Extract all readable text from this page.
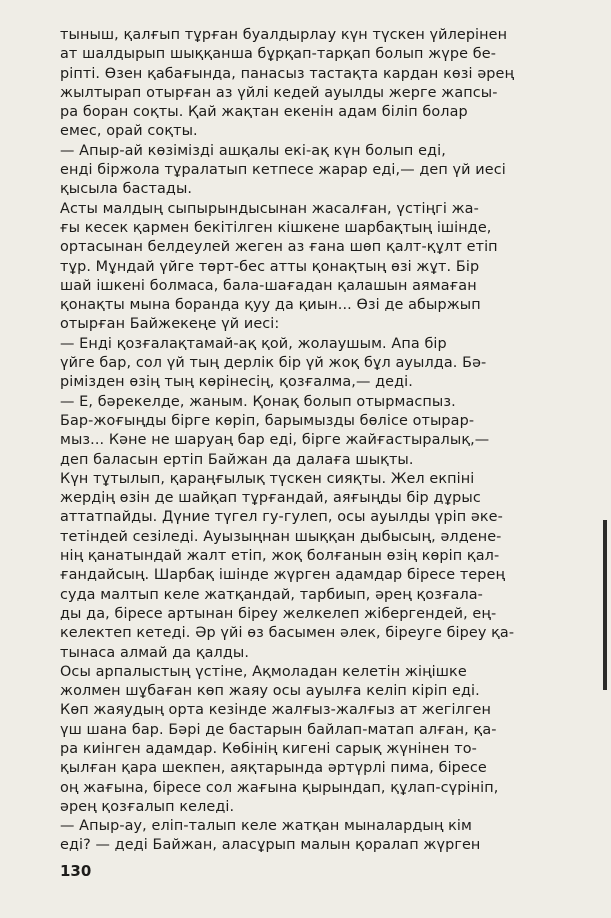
тыныш, қалғып тұрған буалдырлау күн түскен үйлерінен
ат шалдырып шыққанша бұрқап-тарқап болып жүре бе-
ріпті. Өзен қабағында, панасыз тастақта кардан көзі әрең
жылтырап отырған аз үйлі кедей ауылды жерге жапсы-
ра боран соқты. Қай жақтан екенін адам біліп болар
емес, орай соқты.
— Апыр-ай көзімізді ашқалы екі-ақ күн болып еді,
енді біржола тұралатып кетпесе жарар еді,— деп үй иесі
қысыла бастады.
Асты малдың сыпырындысынан жасалған, үстіңгі жа-
ғы кесек қармен бекітілген кішкене шарбақтың ішінде,
ортасынан белдеулей жеген аз ғана шөп қалт-құлт етіп
тұр. Мұндай үйге төрт-бес атты қонақтың өзі жұт. Бір
шай ішкені болмаса, бала-шағадан қалашын аямаған
қонақты мына боранда қуу да қиын... Өзі де абыржып
отырған Байжекеңе үй иесі:
— Енді қозғалақтамай-ақ қой, жолаушым. Апа бір
үйге бар, сол үй тың дерлік бір үй жоқ бұл ауылда. Бә-
рімізден өзің тың көрінесің, қозғалма,— деді.
— Е, бәрекелде, жаным. Қонақ болып отырмаспыз.
Бар-жоғыңды бірге көріп, барымызды бөлісе отырар-
мыз... Кәне не шаруаң бар еді, бірге жайғастыралық,—
деп баласын ертіп Байжан да далаға шықты.
Күн тұтылып, қараңғылық түскен сияқты. Жел екпіні
жердің өзін де шайқап тұрғандай, аяғыңды бір дұрыс
аттатпайды. Дүние түгел гу-гулеп, осы ауылды үріп әке-
тетіндей сезіледі. Ауызыңнан шыққан дыбысың, әлдене-
нің қанатындай жалт етіп, жоқ болғанын өзің көріп қал-
ғандайсың. Шарбақ ішінде жүрген адамдар біресе терең
суда малтып келе жатқандай, тарбиып, әрең қозғала-
ды да, біресе артынан біреу желкелеп жібергендей, ең-
келектеп кетеді. Әр үйі өз басымен әлек, біреуге біреу қа-
тынаса алмай да қалды.
Осы арпалыстың үстіне, Ақмоладан келетін жіңішке
жолмен шұбаған көп жаяу осы ауылға келіп кіріп еді.
Көп жаяудың орта кезінде жалғыз-жалғыз ат жегілген
үш шана бар. Бәрі де бастарын байлап-матап алған, қа-
ра киінген адамдар. Көбінің кигені сарық жүнінен то-
қылған қара шекпен, аяқтарында әртүрлі пима, біресе
оң жағына, біресе сол жағына қырындап, құлап-сүрініп,
әрең қозғалып келеді.
— Апыр-ау, еліп-талып келе жатқан мыналардың кім
еді? — деді Байжан, аласұрып малын қоралап жүрген
130
